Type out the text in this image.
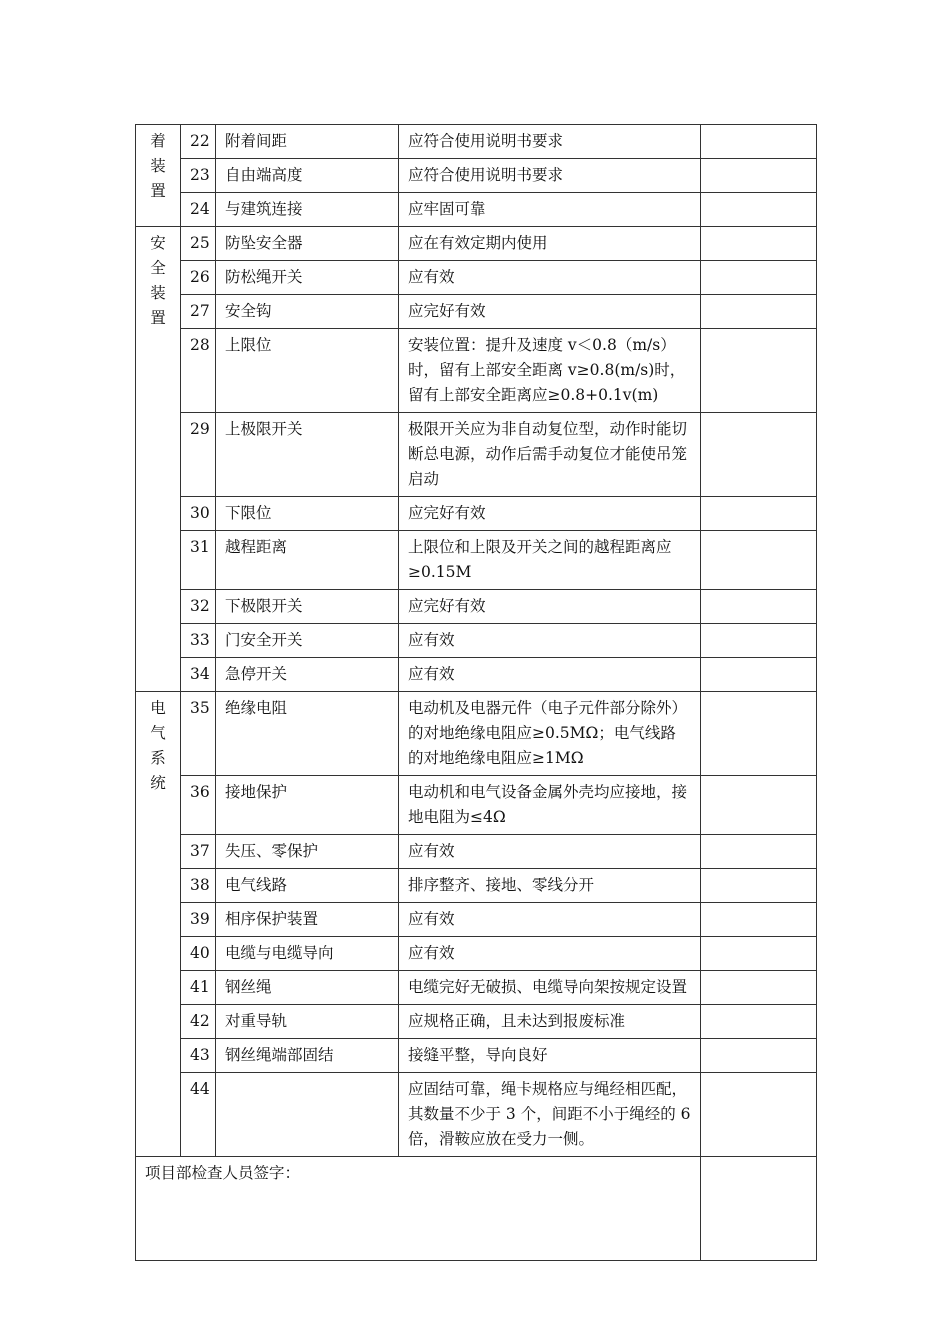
着装置	22	附着间距	应符合使用说明书要求	
	23	自由端高度	应符合使用说明书要求	
	24	与建筑连接	应牢固可靠	

安全装置	25	防坠安全器	应在有效定期内使用	
	26	防松绳开关	应有效	
	27	安全钩	应完好有效	
	28	上限位	安装位置：提升及速度 v＜0.8（m/s）时，留有上部安全距离 v≥0.8(m/s)时，留有上部安全距离应≥0.8+0.1v(m)	
	29	上极限开关	极限开关应为非自动复位型，动作时能切断总电源，动作后需手动复位才能使吊笼启动	
	30	下限位	应完好有效	
	31	越程距离	上限位和上限及开关之间的越程距离应≥0.15M	
	32	下极限开关	应完好有效	
	33	门安全开关	应有效	
	34	急停开关	应有效	

电气系统	35	绝缘电阻	电动机及电器元件（电子元件部分除外）的对地绝缘电阻应≥0.5MΩ；电气线路的对地绝缘电阻应≥1MΩ	
	36	接地保护	电动机和电气设备金属外壳均应接地，接地电阻为≤4Ω	
	37	失压、零保护	应有效	
	38	电气线路	排序整齐、接地、零线分开	
	39	相序保护装置	应有效	
	40	电缆与电缆导向	应有效	
	41	钢丝绳	电缆完好无破损、电缆导向架按规定设置	
	42	对重导轨	应规格正确，且未达到报废标准	
	43	钢丝绳端部固结	接缝平整，导向良好	
	44		应固结可靠，绳卡规格应与绳经相匹配，其数量不少于 3 个，间距不小于绳经的 6 倍，滑鞍应放在受力一侧。	
项目部检查人员签字：				
